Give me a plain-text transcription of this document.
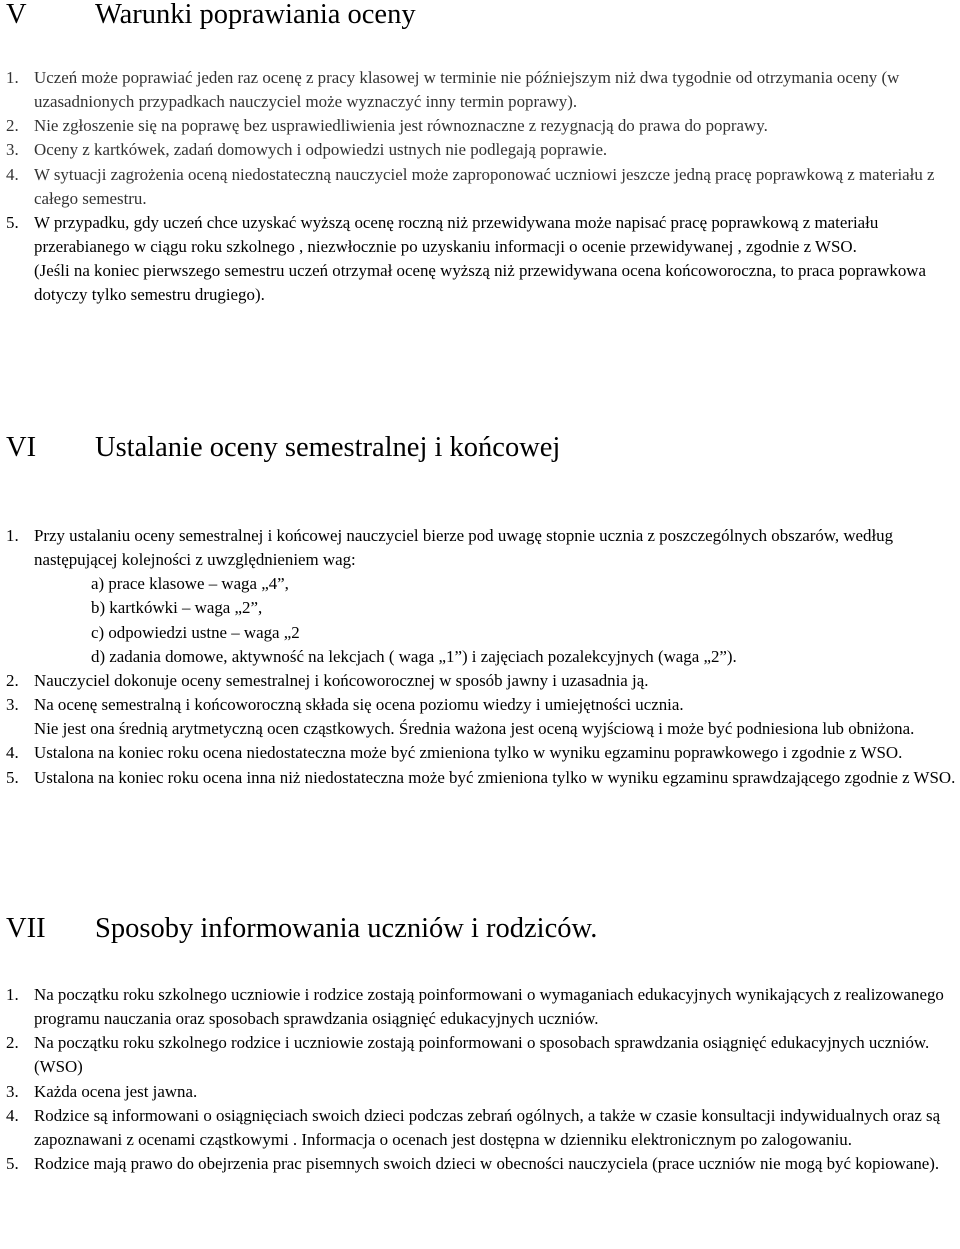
V Warunki poprawiania oceny
1. Uczeń może poprawiać jeden raz ocenę z pracy klasowej w terminie nie późniejszym niż dwa tygodnie od otrzymania oceny (w uzasadnionych przypadkach nauczyciel może wyznaczyć inny termin poprawy).
2. Nie zgłoszenie się na poprawę bez usprawiedliwienia jest równoznaczne z rezygnacją do prawa do poprawy.
3. Oceny z kartkówek, zadań domowych i odpowiedzi ustnych nie podlegają poprawie.
4. W sytuacji zagrożenia oceną niedostateczną nauczyciel może zaproponować uczniowi jeszcze jedną pracę poprawkową z materiału z całego semestru.
5. W przypadku, gdy uczeń chce uzyskać wyższą ocenę roczną niż przewidywana może napisać pracę poprawkową z materiału przerabianego w ciągu roku szkolnego , niezwłocznie po uzyskaniu informacji o ocenie przewidywanej , zgodnie z WSO.
(Jeśli na koniec pierwszego semestru uczeń otrzymał ocenę wyższą niż przewidywana ocena końcoworoczna, to praca poprawkowa dotyczy tylko semestru drugiego).
VI Ustalanie oceny semestralnej i końcowej
1. Przy ustalaniu oceny semestralnej i końcowej nauczyciel bierze pod uwagę stopnie ucznia z poszczególnych obszarów, według następującej kolejności z uwzględnieniem wag:
a) prace klasowe – waga „4”,
b) kartkówki – waga „2”,
c) odpowiedzi ustne – waga „2
d) zadania domowe, aktywność na lekcjach ( waga „1”) i zajęciach pozalekcyjnych (waga „2”).
2. Nauczyciel dokonuje oceny semestralnej i końcoworocznej w sposób jawny i uzasadnia ją.
3. Na ocenę semestralną i końcoworoczną składa się ocena poziomu wiedzy i umiejętności ucznia.
Nie jest ona średnią arytmetyczną ocen cząstkowych. Średnia ważona jest oceną wyjściową i może być podniesiona lub obniżona.
4. Ustalona na koniec roku ocena niedostateczna może być zmieniona tylko w wyniku egzaminu poprawkowego i zgodnie z WSO.
5. Ustalona na koniec roku ocena inna niż niedostateczna może być zmieniona tylko w wyniku egzaminu sprawdzającego zgodnie z WSO.
VII Sposoby informowania uczniów i rodziców.
1. Na początku roku szkolnego uczniowie i rodzice zostają poinformowani o wymaganiach edukacyjnych wynikających z realizowanego programu nauczania oraz sposobach sprawdzania osiągnięć edukacyjnych uczniów.
2. Na początku roku szkolnego rodzice i uczniowie zostają poinformowani o sposobach sprawdzania osiągnięć edukacyjnych uczniów. (WSO)
3. Każda ocena jest jawna.
4. Rodzice są informowani o osiągnięciach swoich dzieci podczas zebrań ogólnych, a także w czasie konsultacji indywidualnych oraz są zapoznawani z ocenami cząstkowymi . Informacja o ocenach jest dostępna w dzienniku elektronicznym po zalogowaniu.
5. Rodzice mają prawo do obejrzenia prac pisemnych swoich dzieci w obecności nauczyciela (prace uczniów nie mogą być kopiowane).
